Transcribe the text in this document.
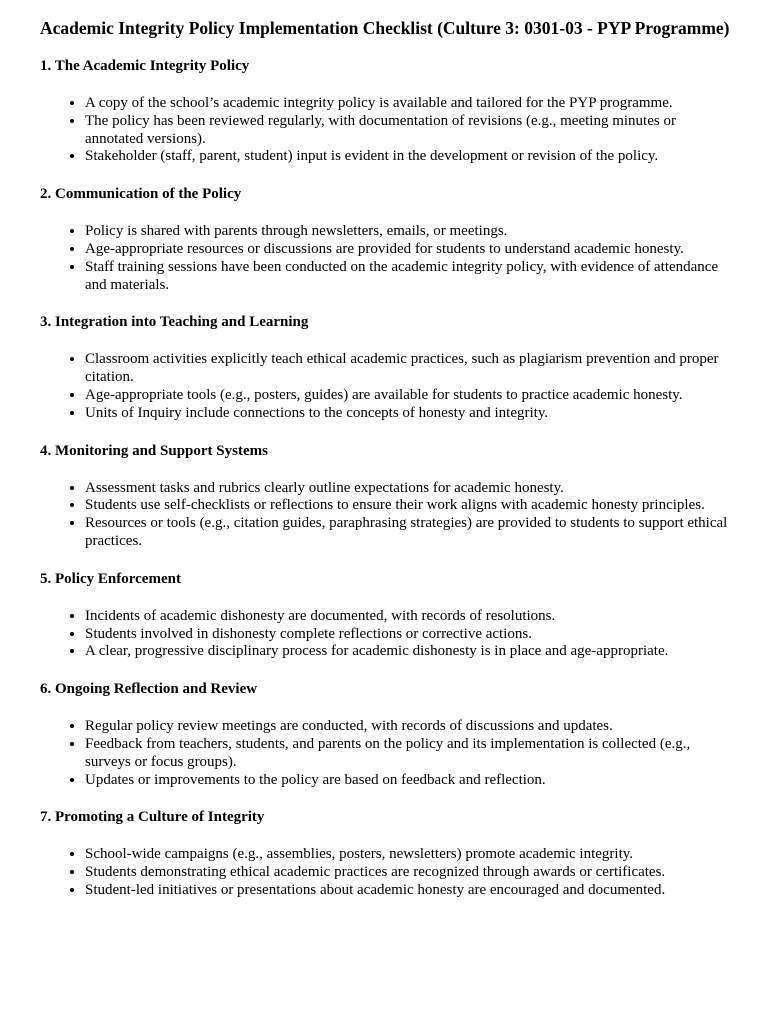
Academic Integrity Policy Implementation Checklist (Culture 3: 0301-03 - PYP Programme)
1. The Academic Integrity Policy
• A copy of the school’s academic integrity policy is available and tailored for the PYP programme.
• The policy has been reviewed regularly, with documentation of revisions (e.g., meeting minutes or annotated versions).
• Stakeholder (staff, parent, student) input is evident in the development or revision of the policy.
2. Communication of the Policy
• Policy is shared with parents through newsletters, emails, or meetings.
• Age-appropriate resources or discussions are provided for students to understand academic honesty.
• Staff training sessions have been conducted on the academic integrity policy, with evidence of attendance and materials.
3. Integration into Teaching and Learning
• Classroom activities explicitly teach ethical academic practices, such as plagiarism prevention and proper citation.
• Age-appropriate tools (e.g., posters, guides) are available for students to practice academic honesty.
• Units of Inquiry include connections to the concepts of honesty and integrity.
4. Monitoring and Support Systems
• Assessment tasks and rubrics clearly outline expectations for academic honesty.
• Students use self-checklists or reflections to ensure their work aligns with academic honesty principles.
• Resources or tools (e.g., citation guides, paraphrasing strategies) are provided to students to support ethical practices.
5. Policy Enforcement
• Incidents of academic dishonesty are documented, with records of resolutions.
• Students involved in dishonesty complete reflections or corrective actions.
• A clear, progressive disciplinary process for academic dishonesty is in place and age-appropriate.
6. Ongoing Reflection and Review
• Regular policy review meetings are conducted, with records of discussions and updates.
• Feedback from teachers, students, and parents on the policy and its implementation is collected (e.g., surveys or focus groups).
• Updates or improvements to the policy are based on feedback and reflection.
7. Promoting a Culture of Integrity
• School-wide campaigns (e.g., assemblies, posters, newsletters) promote academic integrity.
• Students demonstrating ethical academic practices are recognized through awards or certificates.
• Student-led initiatives or presentations about academic honesty are encouraged and documented.
